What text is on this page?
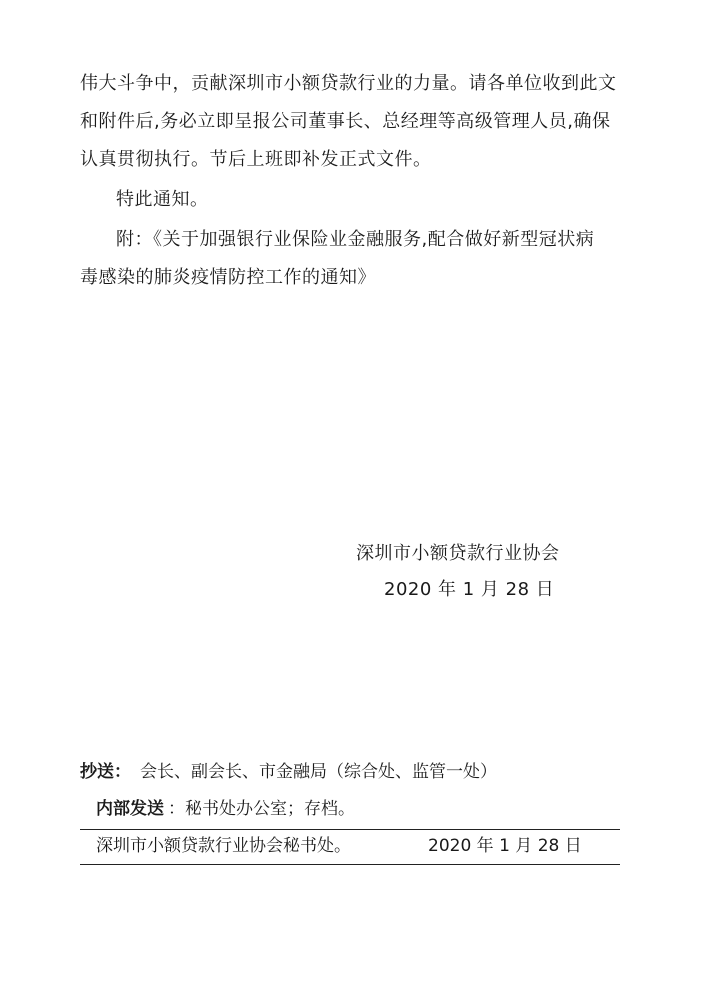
伟大斗争中，贡献深圳市小额贷款行业的力量。请各单位收到此文
和附件后,务必立即呈报公司董事长、总经理等高级管理人员,确保
认真贯彻执行。节后上班即补发正式文件。
特此通知。
附：《关于加强银行业保险业金融服务,配合做好新型冠状病
毒感染的肺炎疫情防控工作的通知》
深圳市小额贷款行业协会
2020 年 1 月 28 日
抄送： 会长、副会长、市金融局（综合处、监管一处）
内部发送 ：秘书处办公室；存档。
深圳市小额贷款行业协会秘书处。	2020 年 1 月 28 日
